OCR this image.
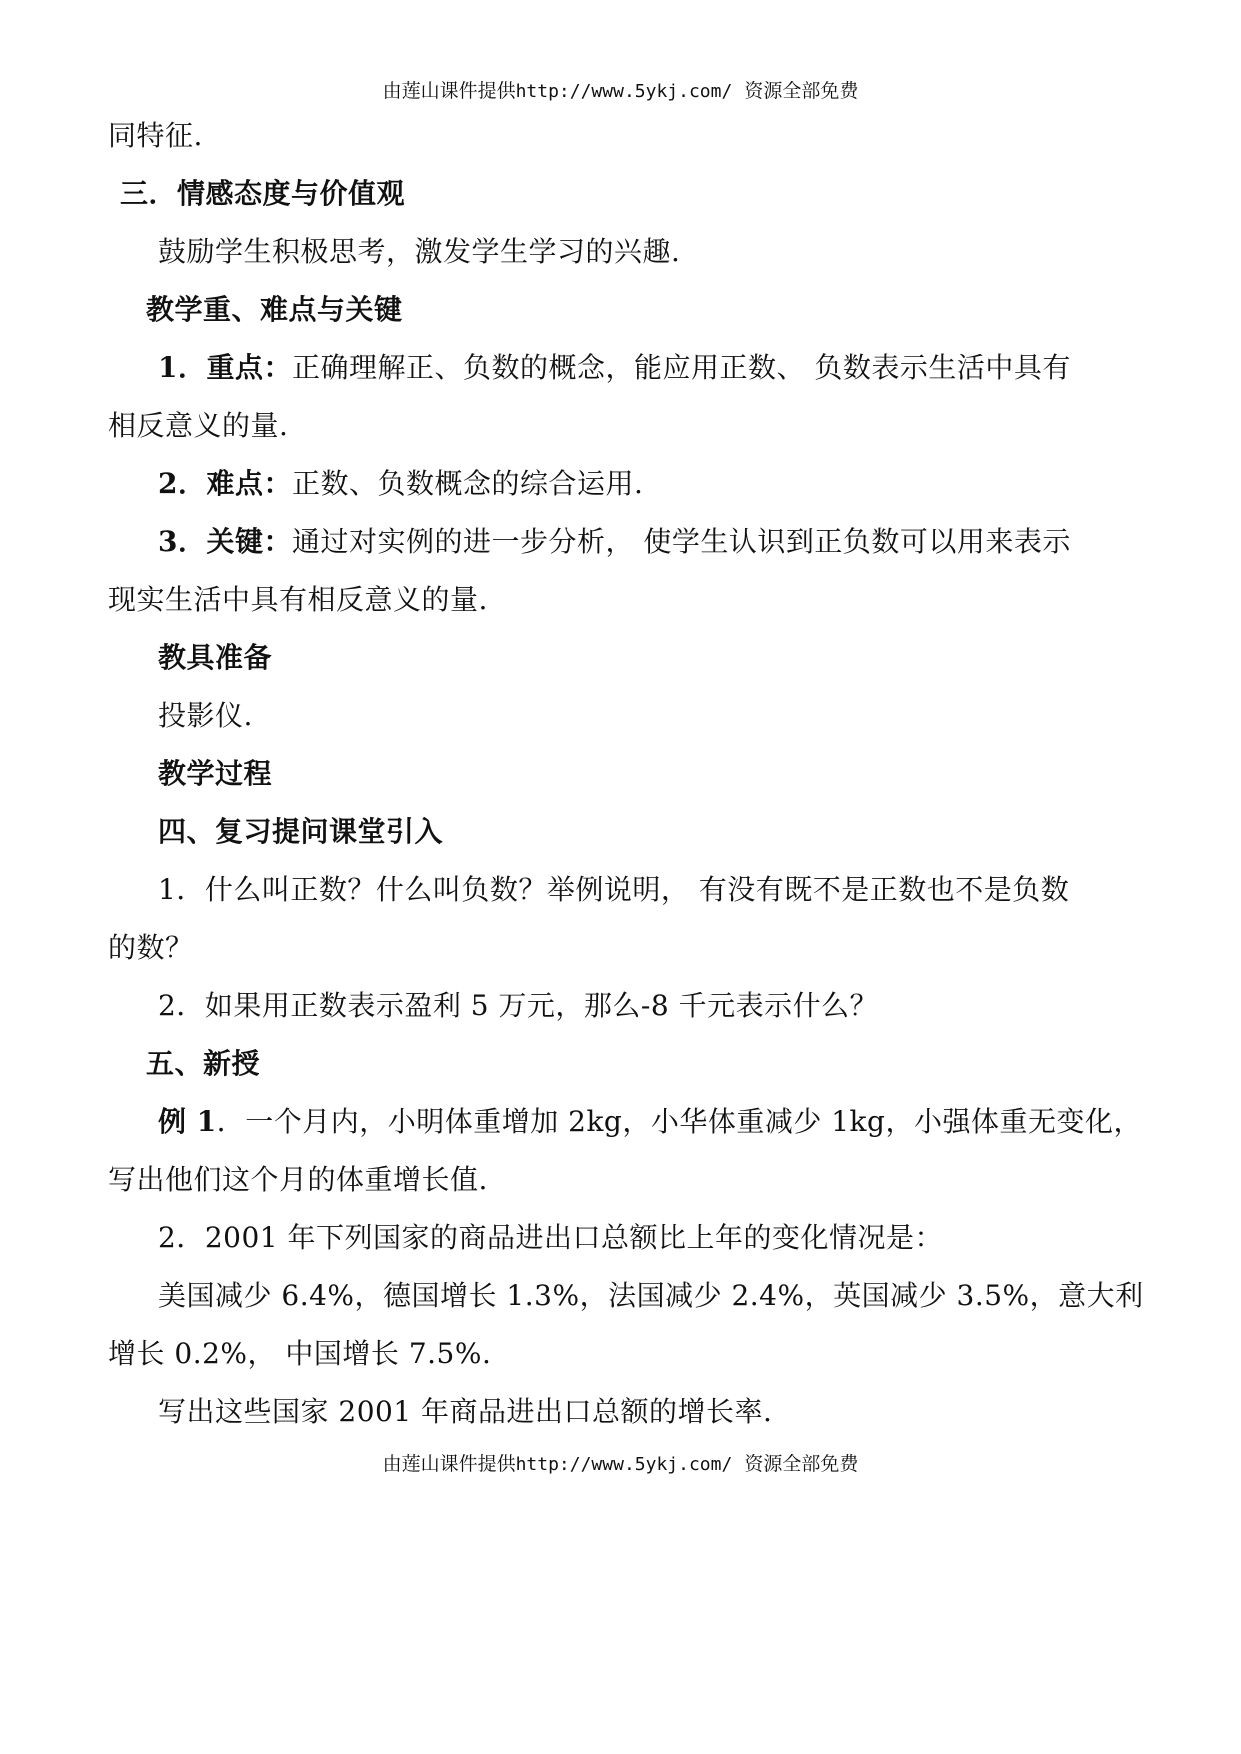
由莲山课件提供http://www.5ykj.com/ 资源全部免费
同特征.
三．情感态度与价值观
鼓励学生积极思考，激发学生学习的兴趣.
教学重、难点与关键
1．重点：正确理解正、负数的概念，能应用正数、 负数表示生活中具有
相反意义的量.
2．难点：正数、负数概念的综合运用.
3．关键：通过对实例的进一步分析， 使学生认识到正负数可以用来表示
现实生活中具有相反意义的量.
教具准备
投影仪.
教学过程
四、复习提问课堂引入
1．什么叫正数？什么叫负数？举例说明， 有没有既不是正数也不是负数
的数？
2．如果用正数表示盈利 5 万元，那么-8 千元表示什么？
五、新授
例 1．一个月内，小明体重增加 2kg，小华体重减少 1kg，小强体重无变化，
写出他们这个月的体重增长值.
2．2001 年下列国家的商品进出口总额比上年的变化情况是：
美国减少 6.4%，德国增长 1.3%，法国减少 2.4%，英国减少 3.5%，意大利
增长 0.2%， 中国增长 7.5%.
写出这些国家 2001 年商品进出口总额的增长率.
由莲山课件提供http://www.5ykj.com/ 资源全部免费
